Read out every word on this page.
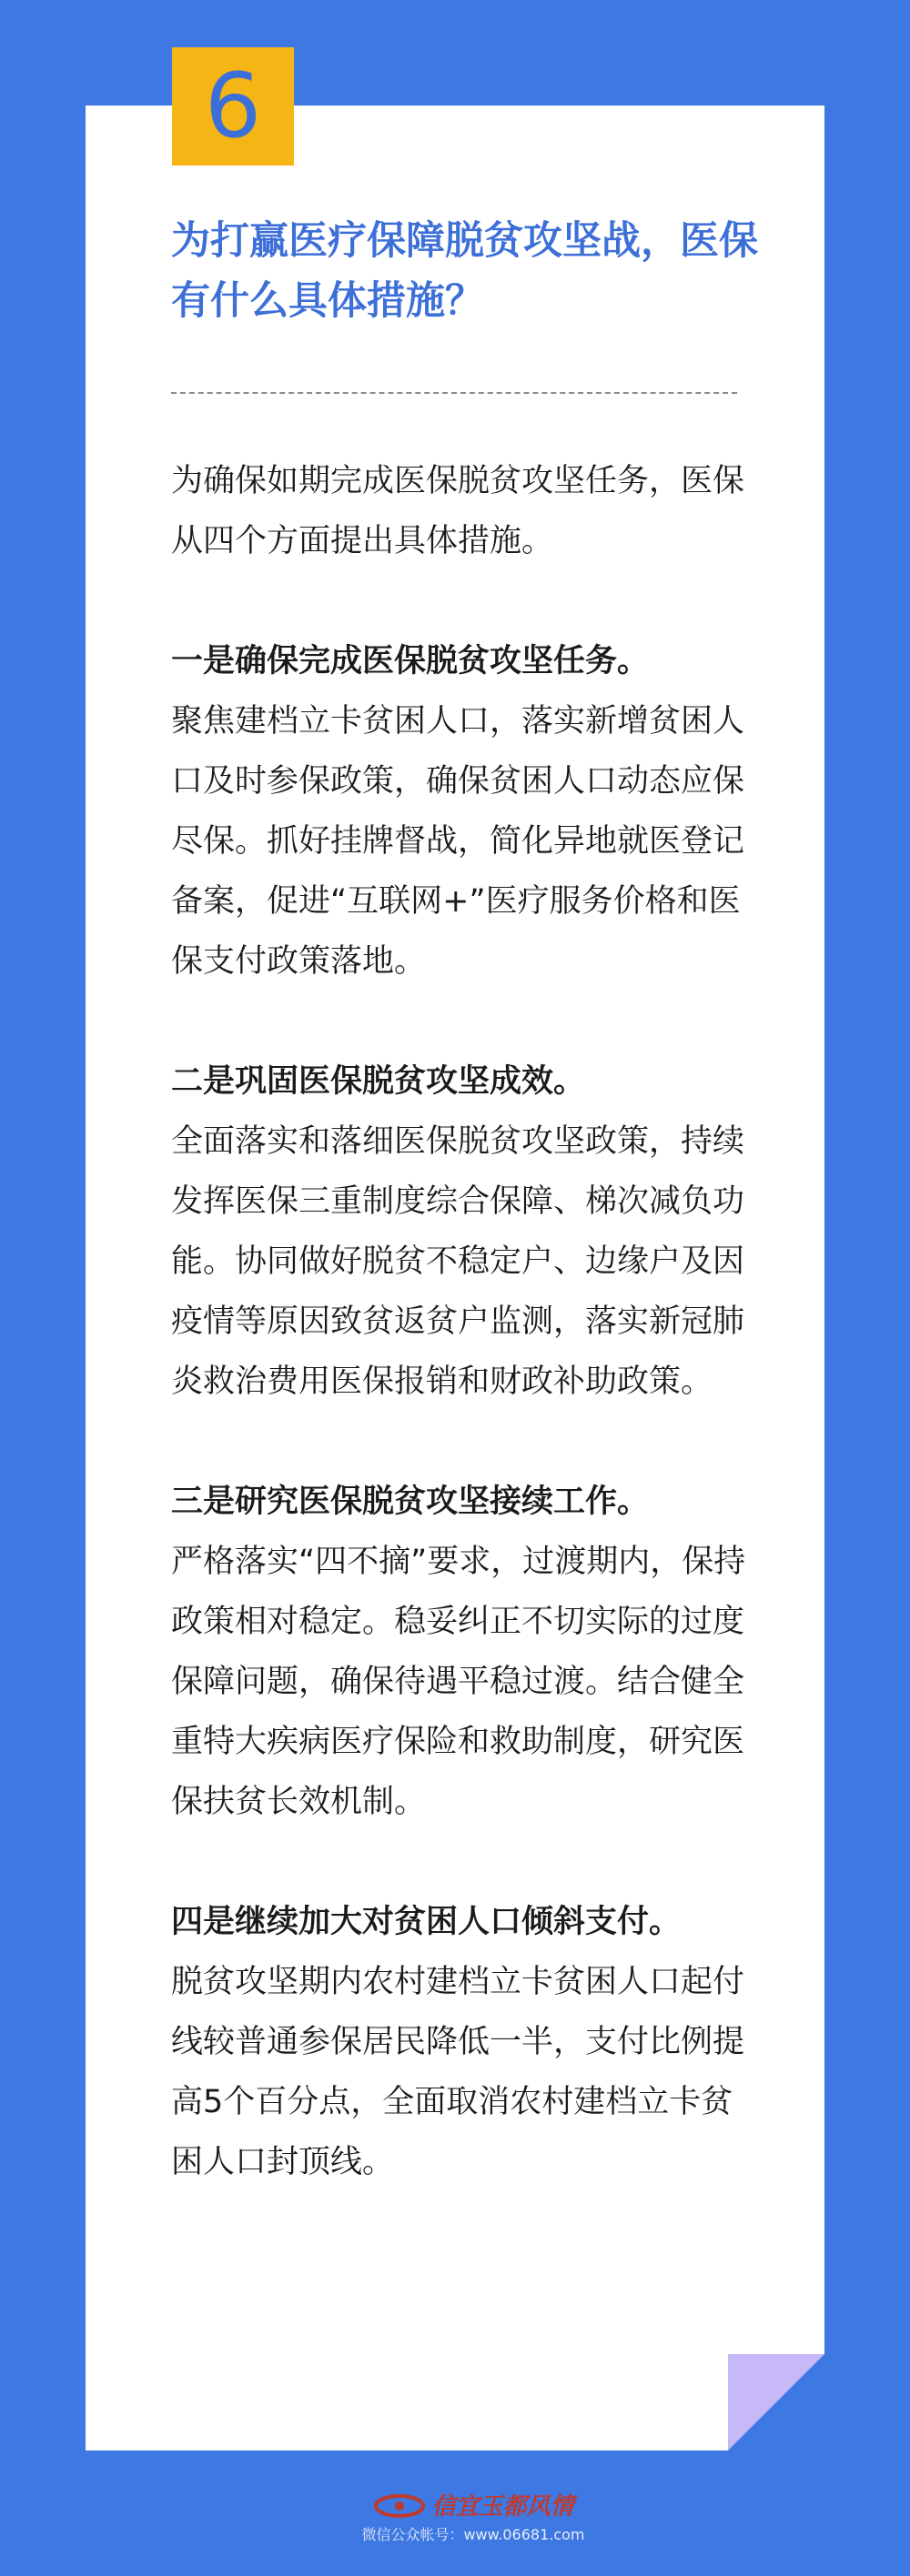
6
为打赢医疗保障脱贫攻坚战，医保有什么具体措施？

为确保如期完成医保脱贫攻坚任务，医保从四个方面提出具体措施。

一是确保完成医保脱贫攻坚任务。

聚焦建档立卡贫困人口，落实新增贫困人口及时参保政策，确保贫困人口动态应保尽保。抓好挂牌督战，简化异地就医登记备案，促进“互联网+”医疗服务价格和医保支付政策落地。

二是巩固医保脱贫攻坚成效。

全面落实和落细医保脱贫攻坚政策，持续发挥医保三重制度综合保障、梯次减负功能。协同做好脱贫不稳定户、边缘户及因疫情等原因致贫返贫户监测，落实新冠肺炎救治费用医保报销和财政补助政策。

三是研究医保脱贫攻坚接续工作。

严格落实“四不摘”要求，过渡期内，保持政策相对稳定。稳妥纠正不切实际的过度保障问题，确保待遇平稳过渡。结合健全重特大疾病医疗保险和救助制度，研究医保扶贫长效机制。

四是继续加大对贫困人口倾斜支付。

脱贫攻坚期内农村建档立卡贫困人口起付线较普通参保居民降低一半，支付比例提高5个百分点，全面取消农村建档立卡贫困人口封顶线。

信宜玉都风情
微信公众帐号：www.06681.com
